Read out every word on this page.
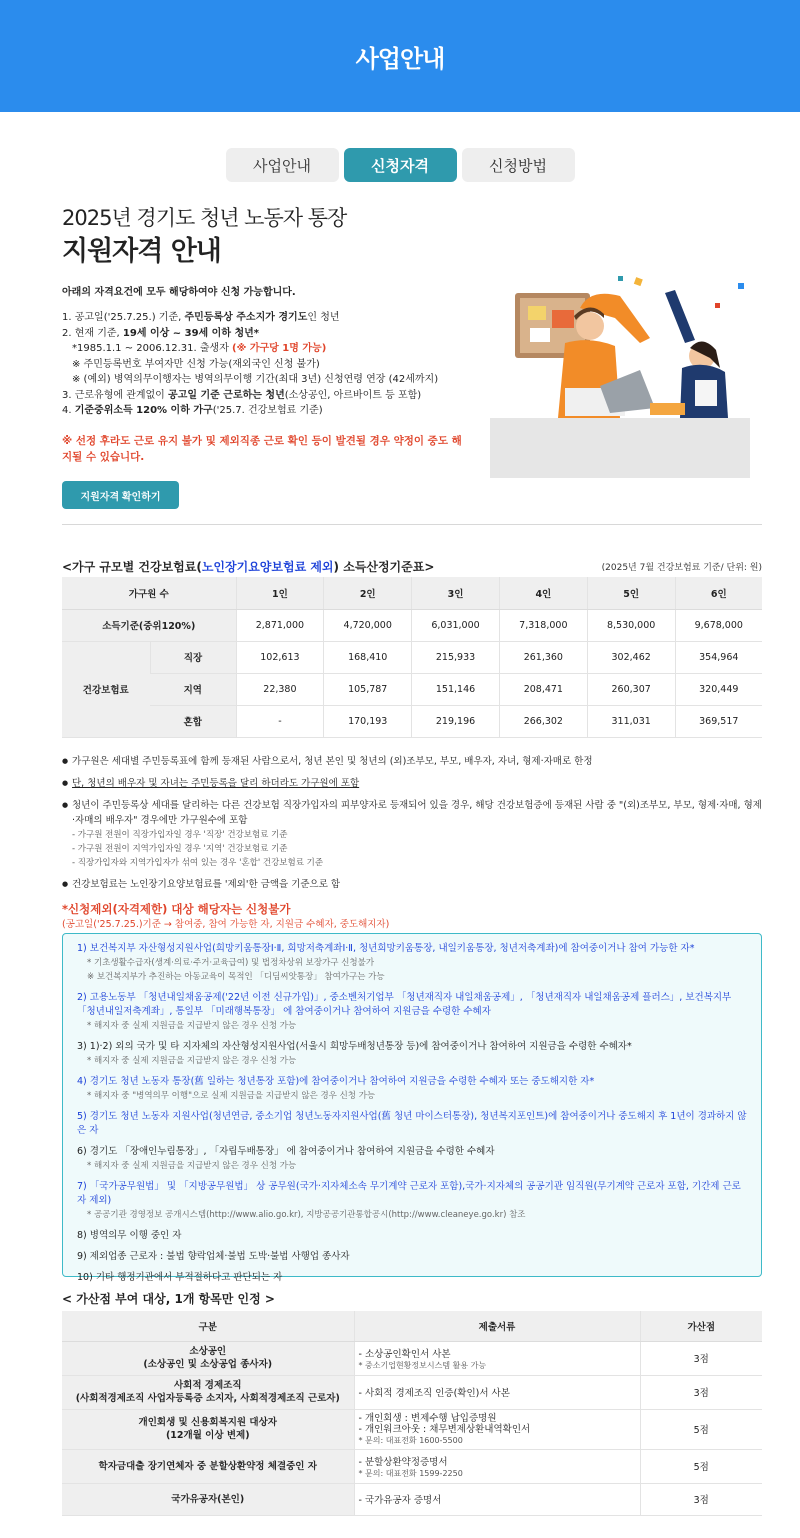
사업안내
사업안내	신청자격	신청방법
2025년 경기도 청년 노동자 통장
지원자격 안내
아래의 자격요건에 모두 해당하여야 신청 가능합니다.
1. 공고일('25.7.25.) 기준, 주민등록상 주소지가 경기도인 청년
2. 현재 기준, 19세 이상 ~ 39세 이하 청년*
*1985.1.1 ~ 2006.12.31. 출생자 (※ 가구당 1명 가능)
※ 주민등록번호 부여자만 신청 가능(재외국인 신청 불가)
※ (예외) 병역의무이행자는 병역의무이행 기간(최대 3년) 신청연령 연장 (42세까지)
3. 근로유형에 관계없이 공고일 기준 근로하는 청년(소상공인, 아르바이트 등 포함)
4. 기준중위소득 120% 이하 가구('25.7. 건강보험료 기준)
※ 선정 후라도 근로 유지 불가 및 제외직종 근로 확인 등이 발견될 경우 약정이 중도 해지될 수 있습니다.
지원자격 확인하기
<가구 규모별 건강보험료(노인장기요양보험료 제외) 소득산정기준표>	(2025년 7월 건강보험료 기준/ 단위: 원)
가구원 수		1인	2인	3인	4인	5인	6인
소득기준(중위120%)		2,871,000	4,720,000	6,031,000	7,318,000	8,530,000	9,678,000
건강보험료	직장	102,613	168,410	215,933	261,360	302,462	354,964
	지역	22,380	105,787	151,146	208,471	260,307	320,449
	혼합	-	170,193	219,196	266,302	311,031	369,517
● 가구원은 세대별 주민등록표에 함께 등재된 사람으로서, 청년 본인 및 청년의 (외)조부모, 부모, 배우자, 자녀, 형제·자매로 한정
● 단, 청년의 배우자 및 자녀는 주민등록을 달리 하더라도 가구원에 포함
● 청년이 주민등록상 세대를 달리하는 다른 건강보험 직장가입자의 피부양자로 등재되어 있을 경우, 해당 건강보험증에 등재된 사람 중 "(외)조부모, 부모, 형제·자매, 형제·자매의 배우자" 경우에만 가구원수에 포함
- 가구원 전원이 직장가입자일 경우 '직장' 건강보험료 기준
- 가구원 전원이 지역가입자일 경우 '지역' 건강보험료 기준
- 직장가입자와 지역가입자가 섞여 있는 경우 '혼합' 건강보험료 기준
● 건강보험료는 노인장기요양보험료를 '제외'한 금액을 기준으로 함
*신청제외(자격제한) 대상 해당자는 신청불가
(공고일('25.7.25.)기준 → 참여중, 참여 가능한 자, 지원금 수혜자, 중도해지자)
1) 보건복지부 자산형성지원사업(희망키움통장Ⅰ·Ⅱ, 희망저축계좌Ⅰ·Ⅱ, 청년희망키움통장, 내일키움통장, 청년저축계좌)에 참여중이거나 참여 가능한 자*
* 기초생활수급자(생계·의료·주거·교육급여) 및 법정차상위 보장가구 신청불가
※ 보건복지부가 추진하는 아동교육이 목적인 「디딤씨앗통장」 참여가구는 가능
2) 고용노동부 「청년내일채움공제('22년 이전 신규가입)」, 중소벤처기업부 「청년재직자 내일채움공제」, 「청년재직자 내일채움공제 플러스」, 보건복지부 「청년내일저축계좌」, 통일부 「미래행복통장」 에 참여중이거나 참여하여 지원금을 수령한 수혜자
* 해지자 중 실제 지원금을 지급받지 않은 경우 신청 가능
3) 1)·2) 외의 국가 및 타 지자체의 자산형성지원사업(서울시 희망두배청년통장 등)에 참여중이거나 참여하여 지원금을 수령한 수혜자*
* 해지자 중 실제 지원금을 지급받지 않은 경우 신청 가능
4) 경기도 청년 노동자 통장(舊 일하는 청년통장 포함)에 참여중이거나 참여하여 지원금을 수령한 수혜자 또는 중도해지한 자*
* 해지자 중 "병역의무 이행"으로 실제 지원금을 지급받지 않은 경우 신청 가능
5) 경기도 청년 노동자 지원사업(청년연금, 중소기업 청년노동자지원사업(舊 청년 마이스터통장), 청년복지포인트)에 참여중이거나 중도해지 후 1년이 경과하지 않은 자
6) 경기도 「장애인누림통장」, 「자립두배통장」 에 참여중이거나 참여하여 지원금을 수령한 수혜자
* 해지자 중 실제 지원금을 지급받지 않은 경우 신청 가능
7) 「국가공무원법」 및 「지방공무원법」 상 공무원(국가·지자체소속 무기계약 근로자 포함),국가·지자체의 공공기관 임직원(무기계약 근로자 포함, 기간제 근로자 제외)
* 공공기관 경영정보 공개시스템(http://www.alio.go.kr), 지방공공기관통합공시(http://www.cleaneye.go.kr) 참조
8) 병역의무 이행 중인 자
9) 제외업종 근로자 : 불법 향락업체·불법 도박·불법 사행업 종사자
10) 기타 행정기관에서 부적절하다고 판단되는 자
< 가산점 부여 대상, 1개 항목만 인정 >
구분	제출서류	가산점
소상공인
(소상공인 및 소상공업 종사자)	- 소상공인확인서 사본
* 중소기업현황정보시스템 활용 가능	3점
사회적 경제조직
(사회적경제조직 사업자등록증 소지자, 사회적경제조직 근로자)	- 사회적 경제조직 인증(확인)서 사본	3점
개인회생 및 신용회복지원 대상자
(12개월 이상 변제)	- 개인회생 : 변제수행 납입증명원
- 개인워크아웃 : 채무변제상환내역확인서
* 문의: 대표전화 1600-5500	5점
학자금대출 장기연체자 중 분할상환약정 체결중인 자	- 분할상환약정증명서
* 문의: 대표전화 1599-2250	5점
국가유공자(본인)	- 국가유공자 증명서	3점
